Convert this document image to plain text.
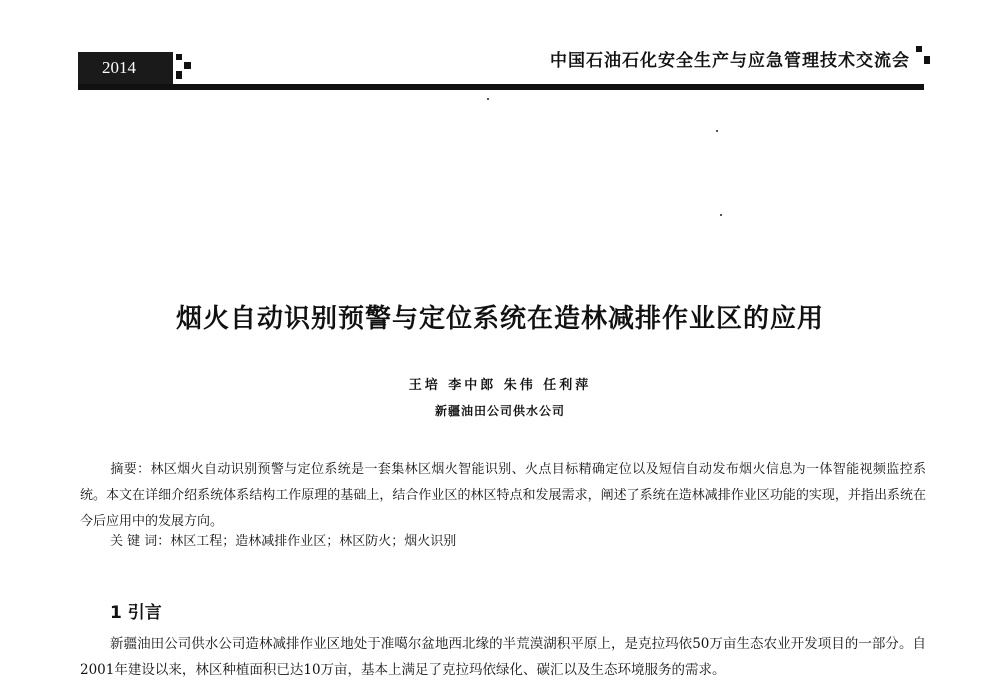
2014	中国石油石化安全生产与应急管理技术交流会
烟火自动识别预警与定位系统在造林减排作业区的应用
王培 李中郎 朱伟 任利萍
新疆油田公司供水公司
摘要：林区烟火自动识别预警与定位系统是一套集林区烟火智能识别、火点目标精确定位以及短信自动发布烟火信息为一体智能视频监控系统。本文在详细介绍系统体系结构工作原理的基础上，结合作业区的林区特点和发展需求，阐述了系统在造林减排作业区功能的实现，并指出系统在今后应用中的发展方向。
关 键 词：林区工程；造林减排作业区；林区防火；烟火识别
1 引言
新疆油田公司供水公司造林减排作业区地处于准噶尔盆地西北缘的半荒漠湖积平原上，是克拉玛依50万亩生态农业开发项目的一部分。自2001年建设以来，林区种植面积已达10万亩，基本上满足了克拉玛依绿化、碳汇以及生态环境服务的需求。
